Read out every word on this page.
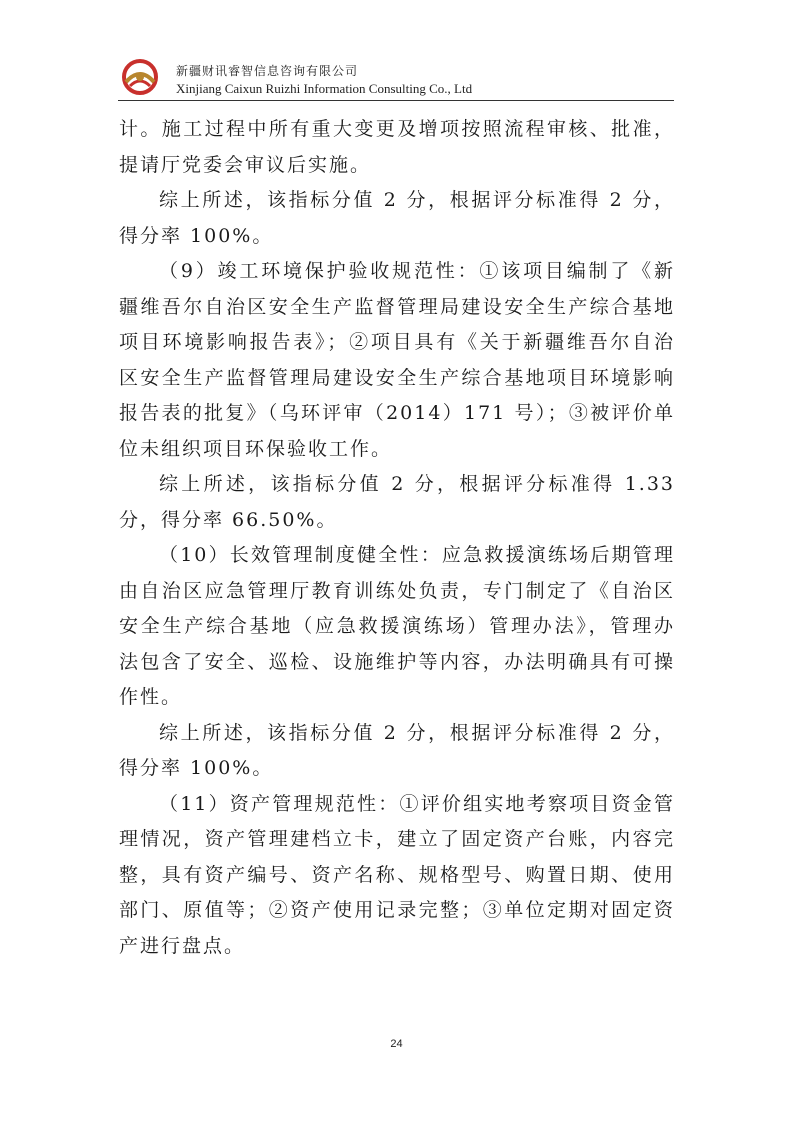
新疆财讯睿智信息咨询有限公司
Xinjiang Caixun Ruizhi Information Consulting Co., Ltd

计。施工过程中所有重大变更及增项按照流程审核、批准，提请厅党委会审议后实施。

综上所述，该指标分值 2 分，根据评分标准得 2 分，得分率 100%。

（9）竣工环境保护验收规范性：①该项目编制了《新疆维吾尔自治区安全生产监督管理局建设安全生产综合基地项目环境影响报告表》；②项目具有《关于新疆维吾尔自治区安全生产监督管理局建设安全生产综合基地项目环境影响报告表的批复》（乌环评审（2014）171 号）；③被评价单位未组织项目环保验收工作。

综上所述，该指标分值 2 分，根据评分标准得 1.33 分，得分率 66.50%。

（10）长效管理制度健全性：应急救援演练场后期管理由自治区应急管理厅教育训练处负责，专门制定了《自治区安全生产综合基地（应急救援演练场）管理办法》，管理办法包含了安全、巡检、设施维护等内容，办法明确具有可操作性。

综上所述，该指标分值 2 分，根据评分标准得 2 分，得分率 100%。

（11）资产管理规范性：①评价组实地考察项目资金管理情况，资产管理建档立卡，建立了固定资产台账，内容完整，具有资产编号、资产名称、规格型号、购置日期、使用部门、原值等；②资产使用记录完整；③单位定期对固定资产进行盘点。

24
